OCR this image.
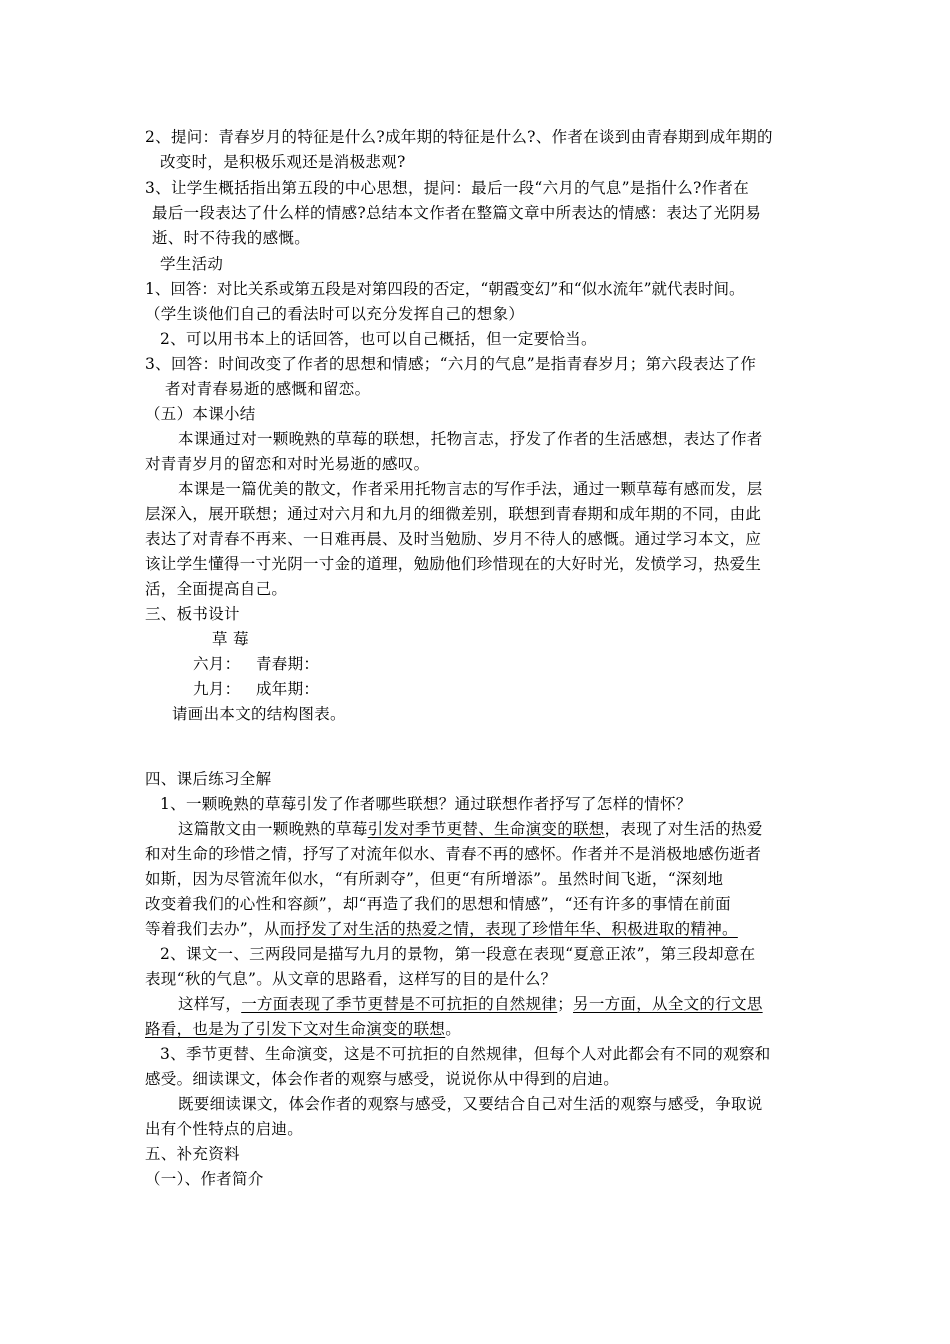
2、提问：青春岁月的特征是什么?成年期的特征是什么?、作者在谈到由青春期到成年期的
改变时，是积极乐观还是消极悲观?
3、让学生概括指出第五段的中心思想，提问：最后一段“六月的气息”是指什么?作者在
最后一段表达了什么样的情感?总结本文作者在整篇文章中所表达的情感：表达了光阴易
逝、时不待我的感慨。
学生活动
1、回答：对比关系或第五段是对第四段的否定，“朝霞变幻”和“似水流年”就代表时间。
（学生谈他们自己的看法时可以充分发挥自己的想象）
2、可以用书本上的话回答，也可以自己概括，但一定要恰当。
3、回答：时间改变了作者的思想和情感；“六月的气息”是指青春岁月；第六段表达了作
者对青春易逝的感慨和留恋。
（五）本课小结
本课通过对一颗晚熟的草莓的联想，托物言志，抒发了作者的生活感想，表达了作者
对青青岁月的留恋和对时光易逝的感叹。
本课是一篇优美的散文，作者采用托物言志的写作手法，通过一颗草莓有感而发，层
层深入，展开联想；通过对六月和九月的细微差别，联想到青春期和成年期的不同，由此
表达了对青春不再来、一日难再晨、及时当勉励、岁月不待人的感慨。通过学习本文，应
该让学生懂得一寸光阴一寸金的道理，勉励他们珍惜现在的大好时光，发愤学习，热爱生
活，全面提高自己。
三、板书设计
草 莓
六月： 青春期：
九月： 成年期：
请画出本文的结构图表。
四、课后练习全解
1、一颗晚熟的草莓引发了作者哪些联想？通过联想作者抒写了怎样的情怀？
这篇散文由一颗晚熟的草莓引发对季节更替、生命演变的联想，表现了对生活的热爱
和对生命的珍惜之情，抒写了对流年似水、青春不再的感怀。作者并不是消极地感伤逝者
如斯，因为尽管流年似水，“有所剥夺”，但更“有所增添”。虽然时间飞逝，“深刻地
改变着我们的心性和容颜”，却“再造了我们的思想和情感”，“还有许多的事情在前面
等着我们去办”，从而抒发了对生活的热爱之情，表现了珍惜年华、积极进取的精神。
2、课文一、三两段同是描写九月的景物，第一段意在表现“夏意正浓”，第三段却意在
表现“秋的气息”。从文章的思路看，这样写的目的是什么？
这样写，一方面表现了季节更替是不可抗拒的自然规律；另一方面，从全文的行文思
路看，也是为了引发下文对生命演变的联想。
3、季节更替、生命演变，这是不可抗拒的自然规律，但每个人对此都会有不同的观察和
感受。细读课文，体会作者的观察与感受，说说你从中得到的启迪。
既要细读课文，体会作者的观察与感受，又要结合自己对生活的观察与感受，争取说
出有个性特点的启迪。
五、补充资料
（一）、作者简介
